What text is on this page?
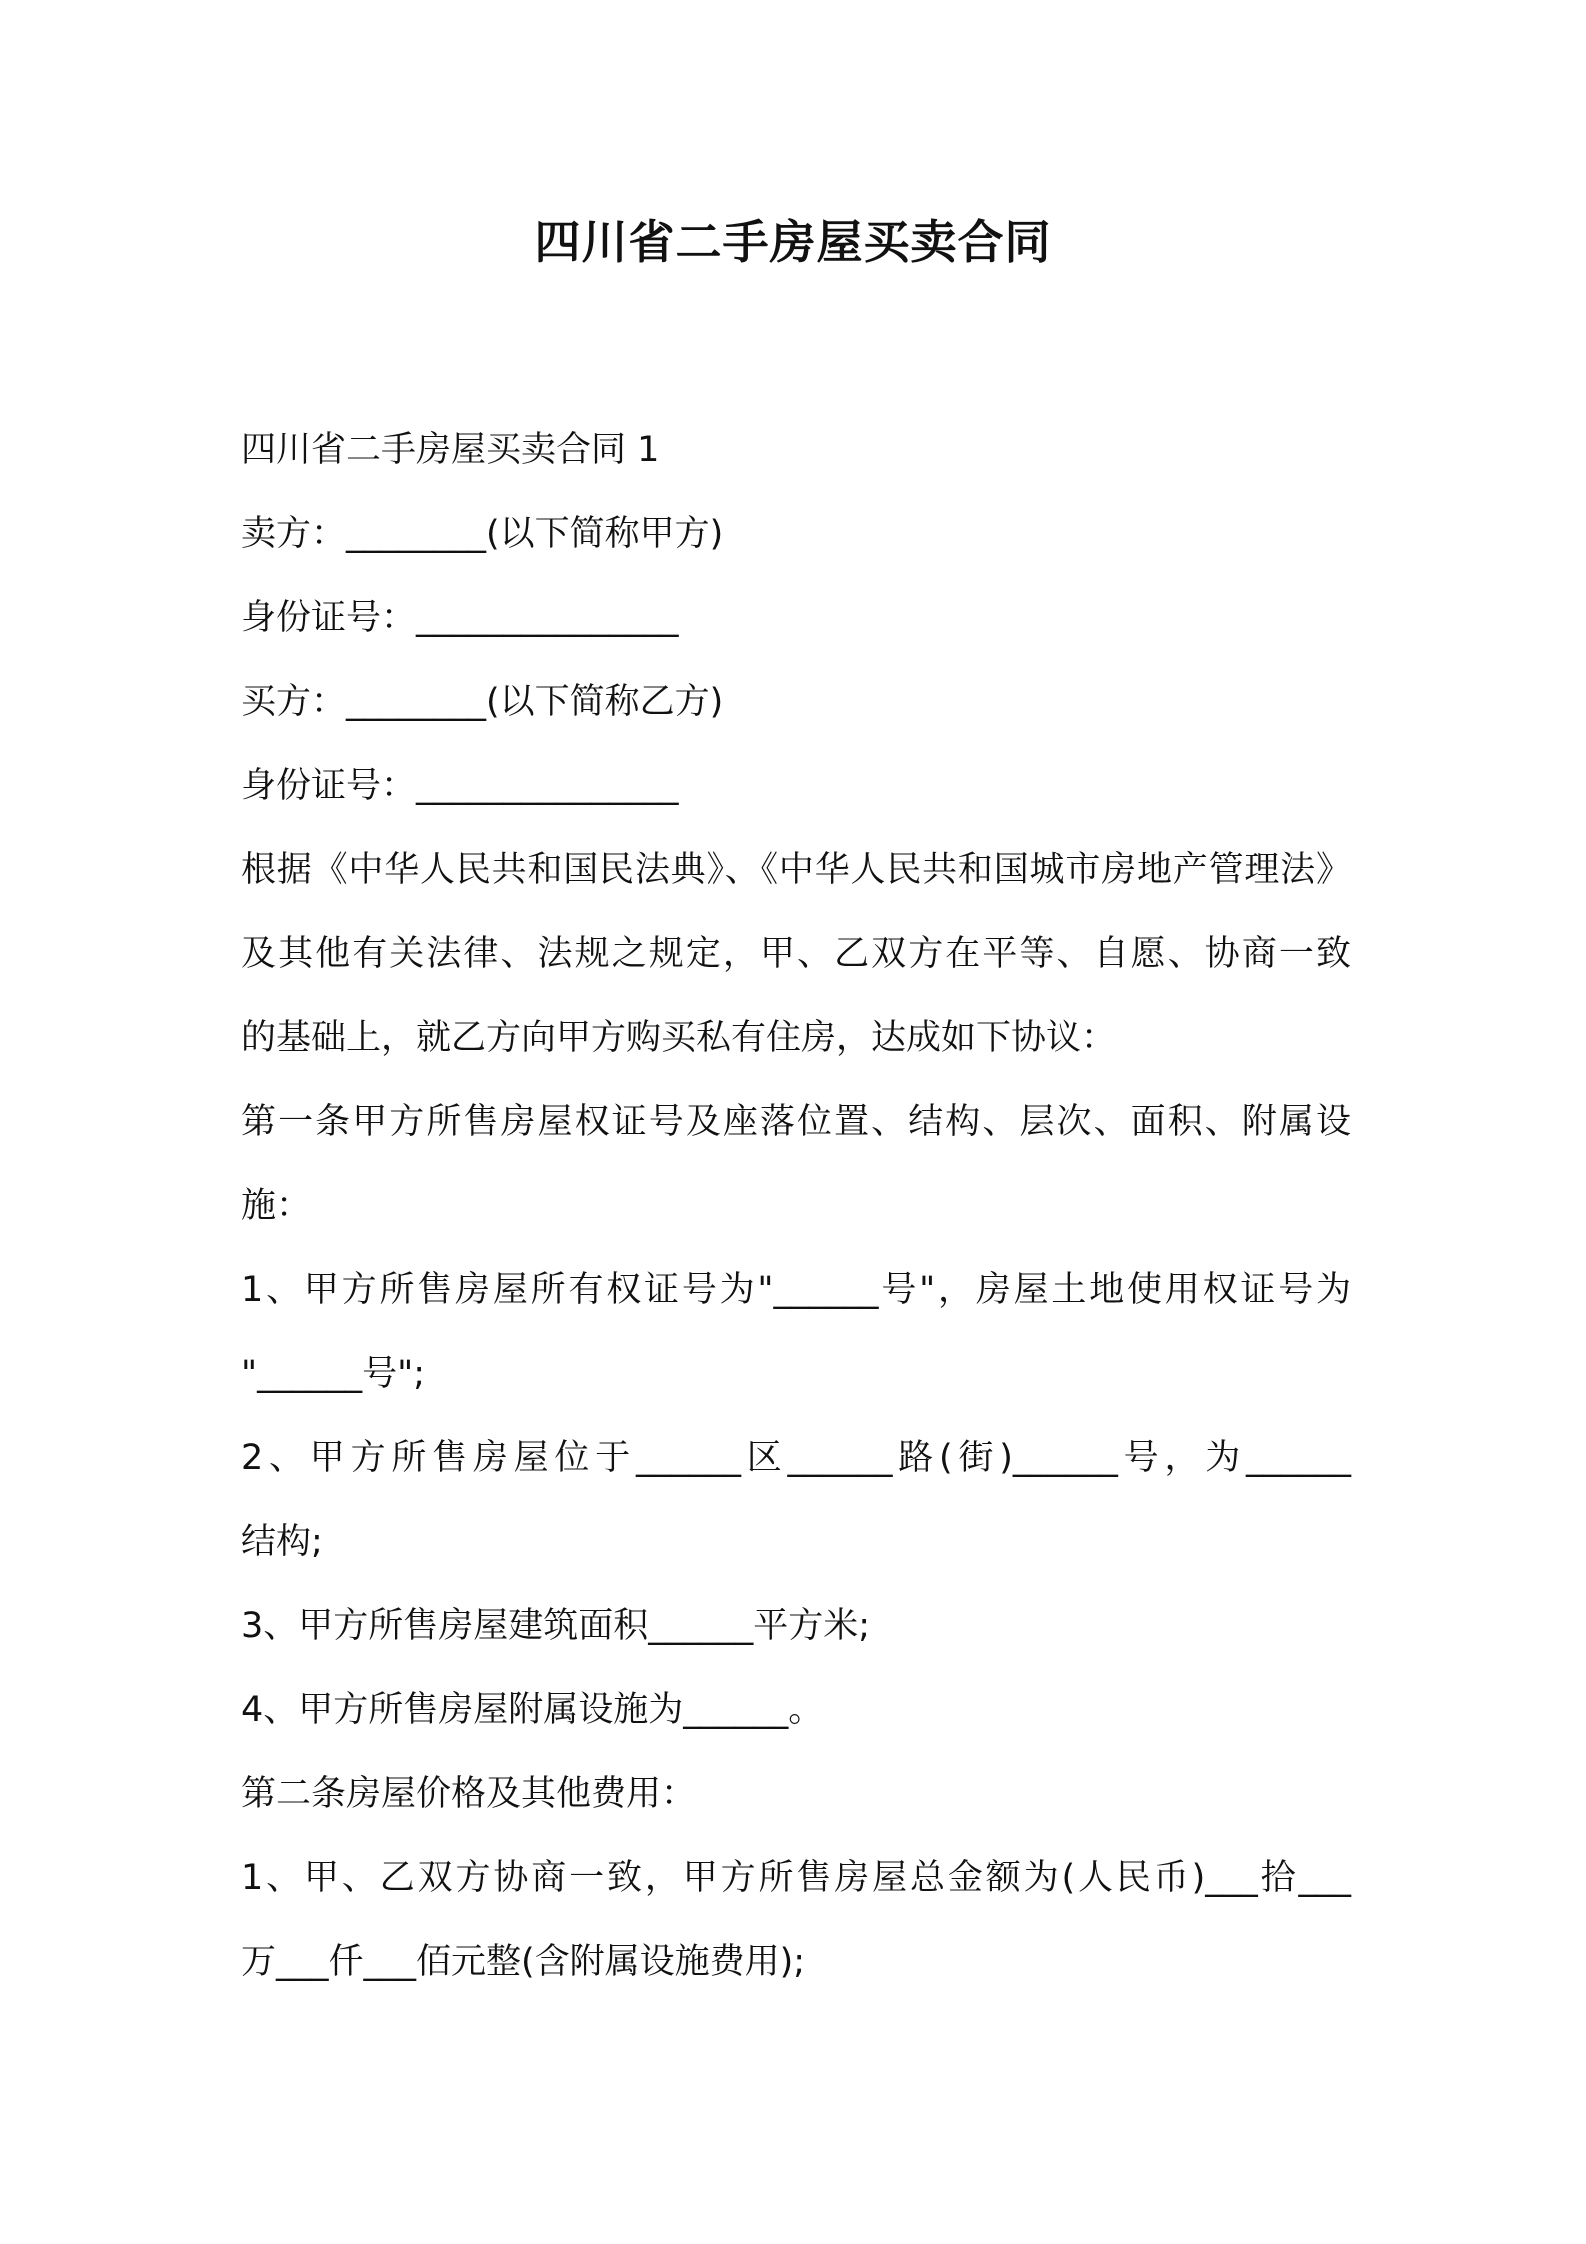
四川省二手房屋买卖合同
四川省二手房屋买卖合同 1
卖方：________(以下简称甲方)
身份证号：_______________
买方：________(以下简称乙方)
身份证号：_______________
根据《中华人民共和国民法典》、《中华人民共和国城市房地产管理法》
及其他有关法律、法规之规定，甲、乙双方在平等、自愿、协商一致
的基础上，就乙方向甲方购买私有住房，达成如下协议：
第一条甲方所售房屋权证号及座落位置、结构、层次、面积、附属设
施：
1、甲方所售房屋所有权证号为"______号"，房屋土地使用权证号为
"______号";
2、甲方所售房屋位于______区______路(街)______号，为______
结构;
3、甲方所售房屋建筑面积______平方米;
4、甲方所售房屋附属设施为______。
第二条房屋价格及其他费用：
1、甲、乙双方协商一致，甲方所售房屋总金额为(人民币)___拾___
万___仟___佰元整(含附属设施费用);
